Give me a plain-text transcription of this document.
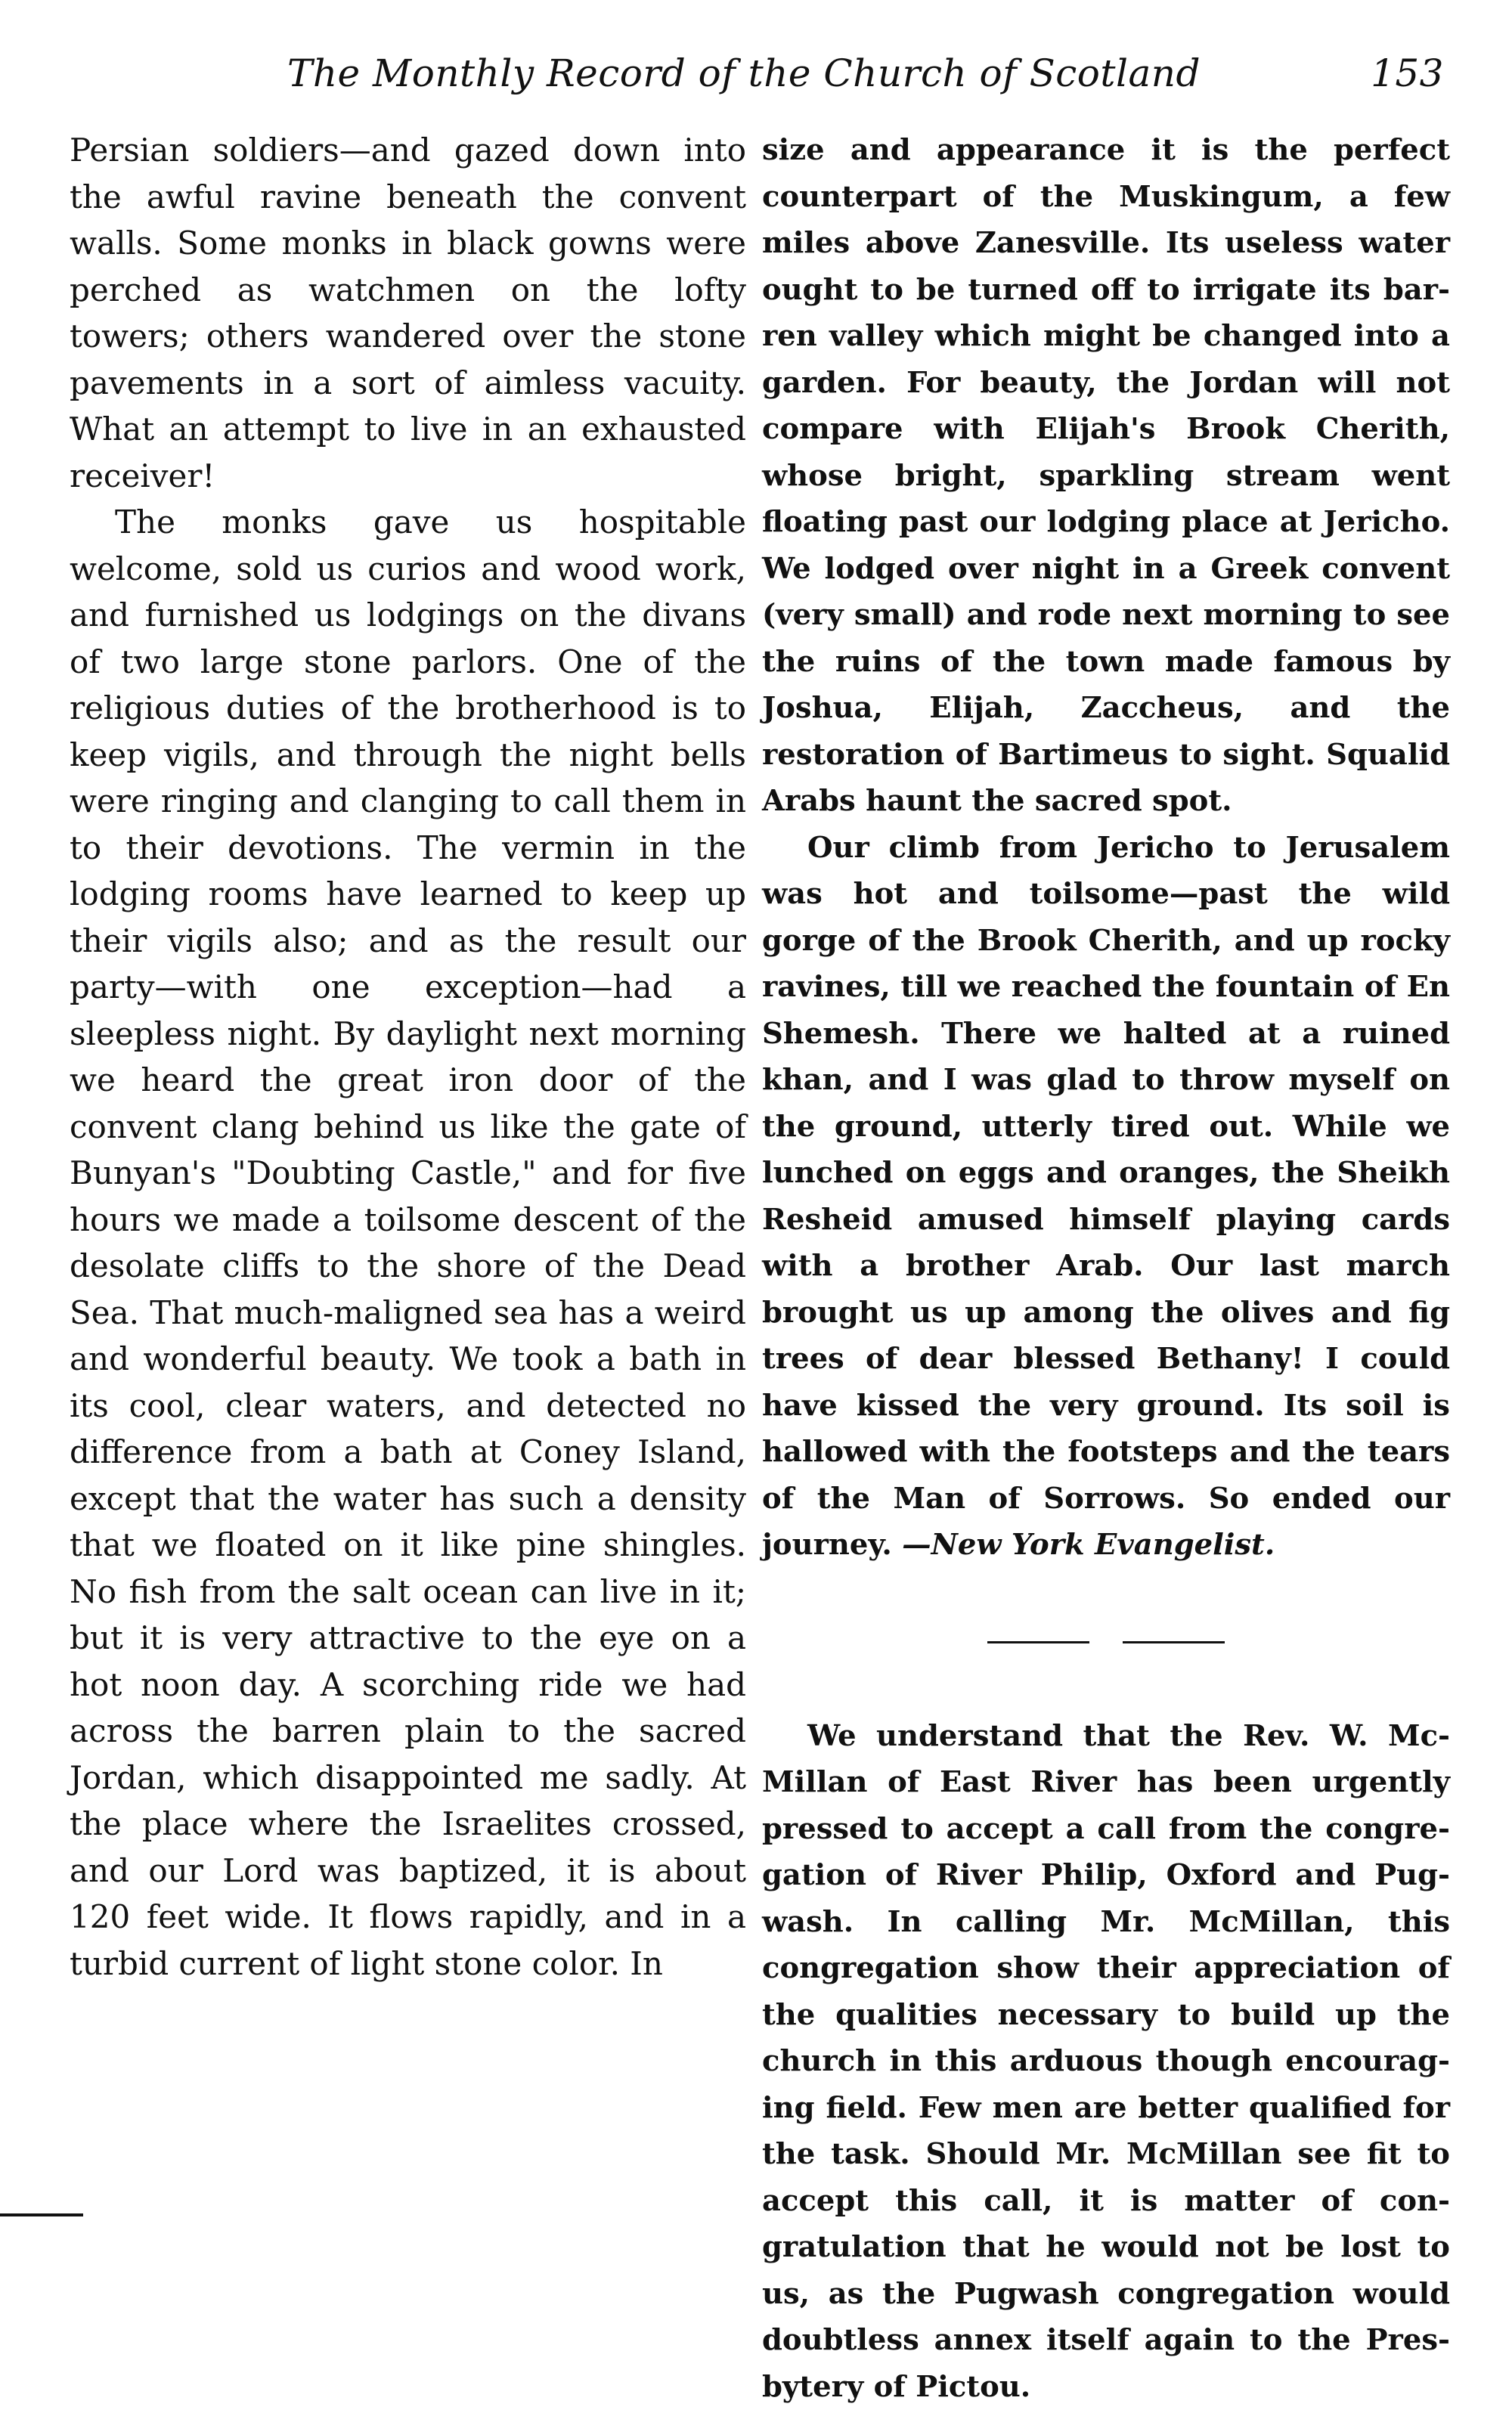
The Monthly Record of the Church of Scotland	153

Persian soldiers—and gazed down into the awful ravine beneath the convent walls. Some monks in black gowns were perched as watchmen on the lofty towers; others wandered over the stone pavements in a sort of aimless vacuity. What an attempt to live in an exhausted receiver!

The monks gave us hospitable welcome, sold us curios and wood work, and furnished us lodgings on the divans of two large stone parlors. One of the religious duties of the brotherhood is to keep vigils, and through the night bells were ringing and clanging to call them in to their devotions. The vermin in the lodging rooms have learned to keep up their vigils also; and as the result our party—with one exception—had a sleepless night. By daylight next morning we heard the great iron door of the convent clang behind us like the gate of Bunyan's "Doubting Castle," and for five hours we made a toilsome descent of the desolate cliffs to the shore of the Dead Sea. That much-maligned sea has a weird and wonderful beauty. We took a bath in its cool, clear waters, and detected no difference from a bath at Coney Island, except that the water has such a density that we floated on it like pine shingles. No fish from the salt ocean can live in it; but it is very attractive to the eye on a hot noon day. A scorching ride we had across the barren plain to the sacred Jordan, which disappointed me sadly. At the place where the Israelites crossed, and our Lord was baptized, it is about 120 feet wide. It flows rapidly, and in a turbid current of light stone color. In

size and appearance it is the perfect counterpart of the Muskingum, a few miles above Zanesville. Its useless water ought to be turned off to irrigate its barren valley which might be changed into a garden. For beauty, the Jordan will not compare with Elijah's Brook Cherith, whose bright, sparkling stream went floating past our lodging place at Jericho. We lodged over night in a Greek convent (very small) and rode next morning to see the ruins of the town made famous by Joshua, Elijah, Zaccheus, and the restoration of Bartimeus to sight. Squalid Arabs haunt the sacred spot.

Our climb from Jericho to Jerusalem was hot and toilsome—past the wild gorge of the Brook Cherith, and up rocky ravines, till we reached the fountain of En Shemesh. There we halted at a ruined khan, and I was glad to throw myself on the ground, utterly tired out. While we lunched on eggs and oranges, the Sheikh Resheid amused himself playing cards with a brother Arab. Our last march brought us up among the olives and fig trees of dear blessed Bethany! I could have kissed the very ground. Its soil is hallowed with the footsteps and the tears of the Man of Sorrows. So ended our journey. —New York Evangelist.

We understand that the Rev. W. McMillan of East River has been urgently pressed to accept a call from the congregation of River Philip, Oxford and Pugwash. In calling Mr. McMillan, this congregation show their appreciation of the qualities necessary to build up the church in this arduous though encouraging field. Few men are better qualified for the task. Should Mr. McMillan see fit to accept this call, it is matter of congratulation that he would not be lost to us, as the Pugwash congregation would doubtless annex itself again to the Presbytery of Pictou.
